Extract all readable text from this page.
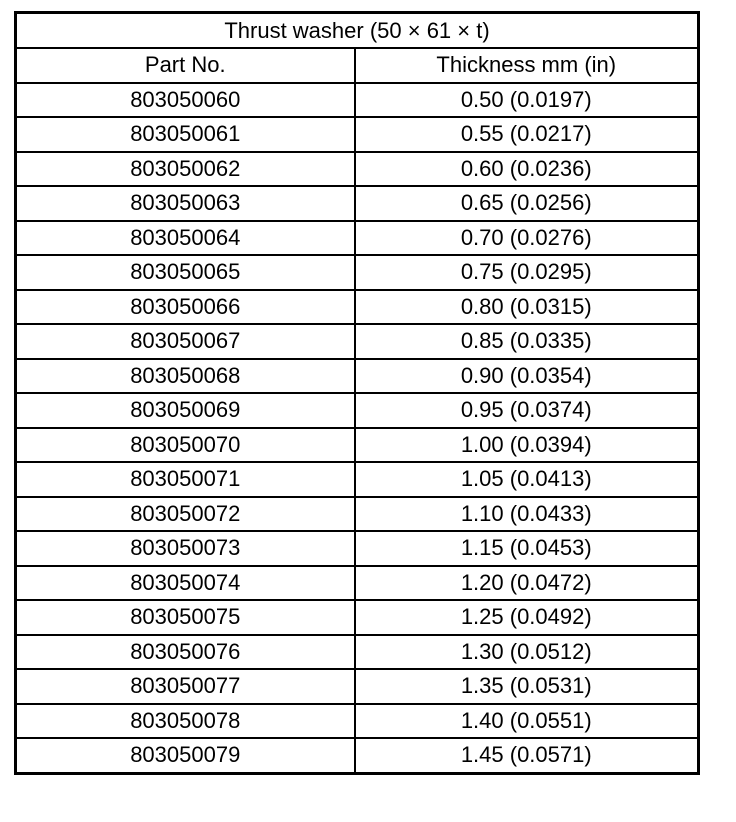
Thrust washer (50 × 61 × t)	
Part No.	Thickness mm (in)
803050060	0.50 (0.0197)
803050061	0.55 (0.0217)
803050062	0.60 (0.0236)
803050063	0.65 (0.0256)
803050064	0.70 (0.0276)
803050065	0.75 (0.0295)
803050066	0.80 (0.0315)
803050067	0.85 (0.0335)
803050068	0.90 (0.0354)
803050069	0.95 (0.0374)
803050070	1.00 (0.0394)
803050071	1.05 (0.0413)
803050072	1.10 (0.0433)
803050073	1.15 (0.0453)
803050074	1.20 (0.0472)
803050075	1.25 (0.0492)
803050076	1.30 (0.0512)
803050077	1.35 (0.0531)
803050078	1.40 (0.0551)
803050079	1.45 (0.0571)
